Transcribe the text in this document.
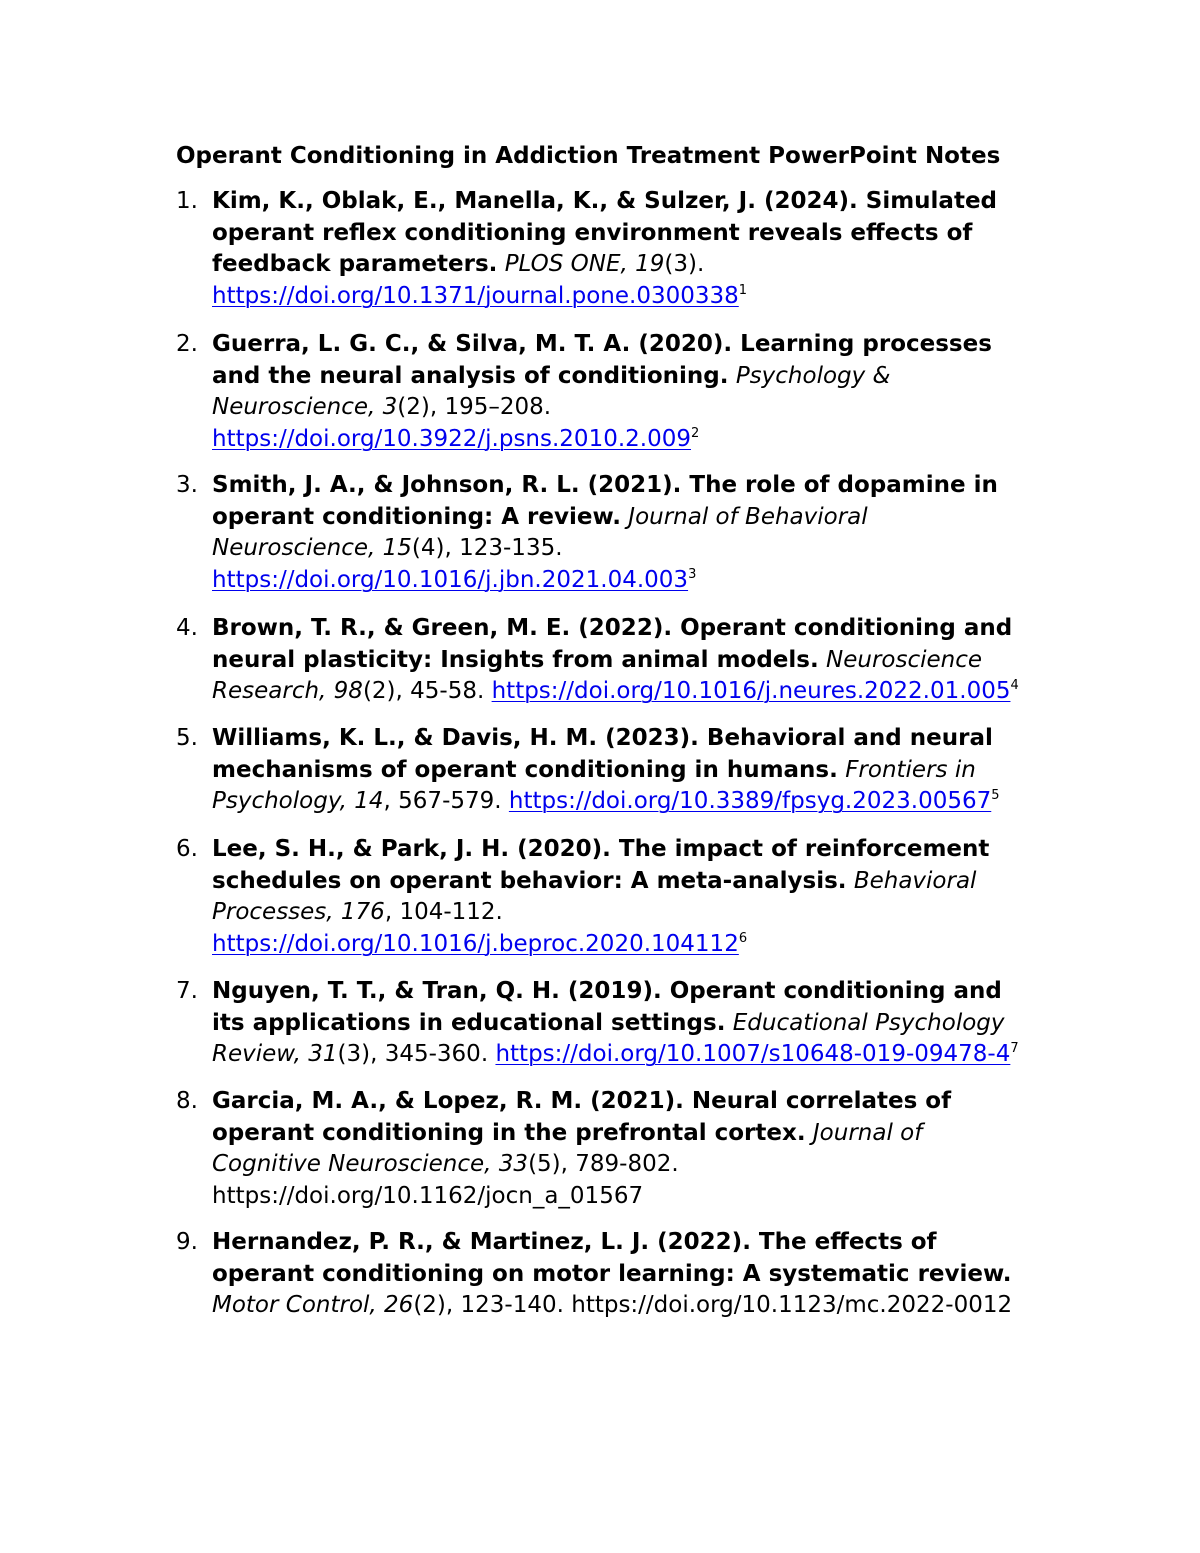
Operant Conditioning in Addiction Treatment PowerPoint Notes
1. Kim, K., Oblak, E., Manella, K., & Sulzer, J. (2024). Simulated
operant reflex conditioning environment reveals effects of
feedback parameters. PLOS ONE, 19(3).
https://doi.org/10.1371/journal.pone.0300338$^1$
2. Guerra, L. G. C., & Silva, M. T. A. (2020). Learning processes
and the neural analysis of conditioning. Psychology &
Neuroscience, 3(2), 195–208.
https://doi.org/10.3922/j.psns.2010.2.009$^2$
3. Smith, J. A., & Johnson, R. L. (2021). The role of dopamine in
operant conditioning: A review. Journal of Behavioral
Neuroscience, 15(4), 123-135.
https://doi.org/10.1016/j.jbn.2021.04.003$^3$
4. Brown, T. R., & Green, M. E. (2022). Operant conditioning and
neural plasticity: Insights from animal models. Neuroscience
Research, 98(2), 45-58. https://doi.org/10.1016/j.neures.2022.01.005$^4$
5. Williams, K. L., & Davis, H. M. (2023). Behavioral and neural
mechanisms of operant conditioning in humans. Frontiers in
Psychology, 14, 567-579. https://doi.org/10.3389/fpsyg.2023.00567$^5$
6. Lee, S. H., & Park, J. H. (2020). The impact of reinforcement
schedules on operant behavior: A meta-analysis. Behavioral
Processes, 176, 104-112.
https://doi.org/10.1016/j.beproc.2020.104112$^6$
7. Nguyen, T. T., & Tran, Q. H. (2019). Operant conditioning and
its applications in educational settings. Educational Psychology
Review, 31(3), 345-360. $https://doi.org/10.1007/s10648-019-09478-4^7$
8. Garcia, M. A., & Lopez, R. M. (2021). Neural correlates of
operant conditioning in the prefrontal cortex. Journal of
Cognitive Neuroscience, 33(5), 789-802.
https://doi.org/10.1162/jocn_a_01567
9. Hernandez, P. R., & Martinez, L. J. (2022). The effects of
operant conditioning on motor learning: A systematic review.
Motor Control, 26(2), 123-140. https://doi.org/10.1123/mc.2022-0012
